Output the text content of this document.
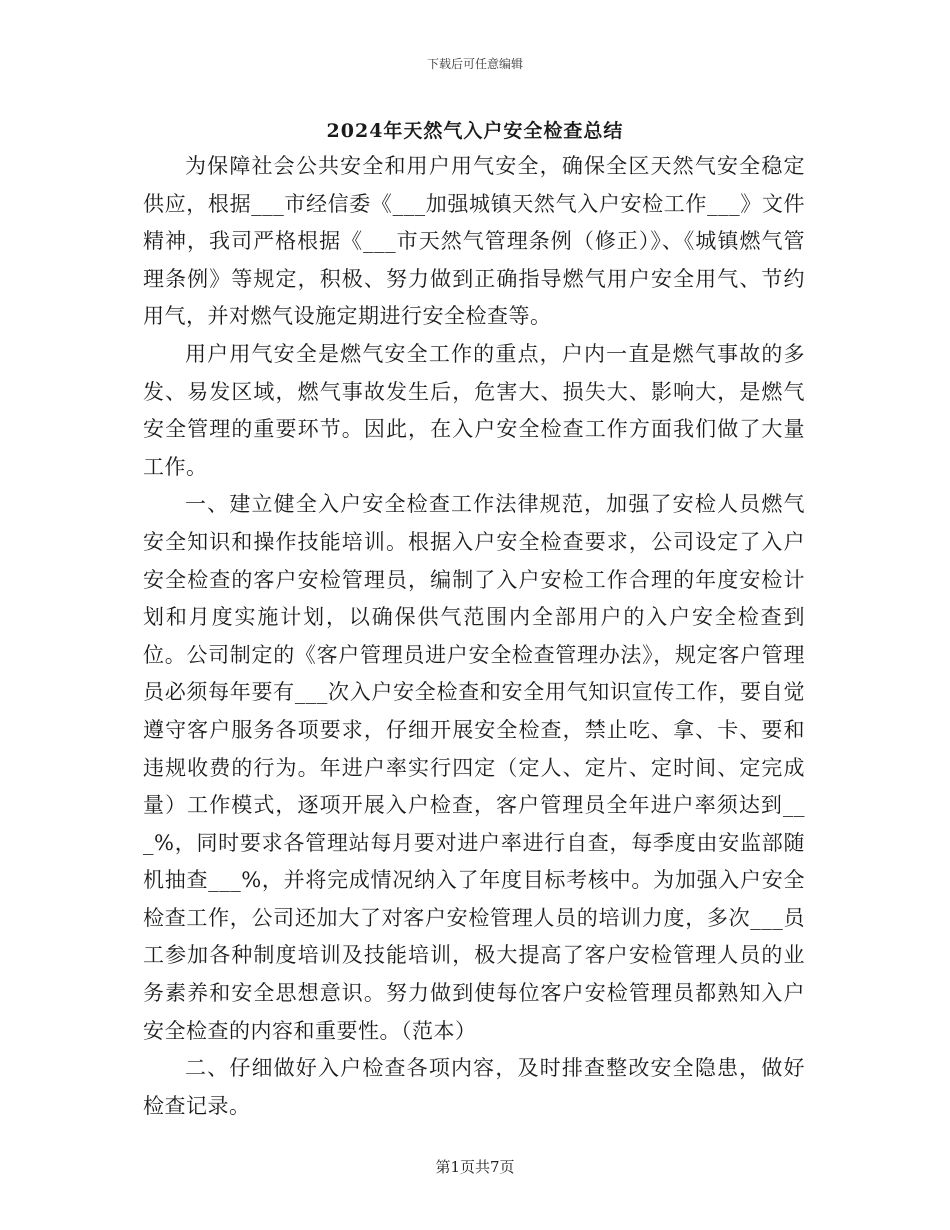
下载后可任意编辑
2024年天然气入户安全检查总结

为保障社会公共安全和用户用气安全，确保全区天然气安全稳定供应，根据___市经信委《___加强城镇天然气入户安检工作___》文件精神，我司严格根据《___市天然气管理条例（修正）》、《城镇燃气管理条例》等规定，积极、努力做到正确指导燃气用户安全用气、节约用气，并对燃气设施定期进行安全检查等。

用户用气安全是燃气安全工作的重点，户内一直是燃气事故的多发、易发区域，燃气事故发生后，危害大、损失大、影响大，是燃气安全管理的重要环节。因此，在入户安全检查工作方面我们做了大量工作。

一、建立健全入户安全检查工作法律规范，加强了安检人员燃气安全知识和操作技能培训。根据入户安全检查要求，公司设定了入户安全检查的客户安检管理员，编制了入户安检工作合理的年度安检计划和月度实施计划，以确保供气范围内全部用户的入户安全检查到位。公司制定的《客户管理员进户安全检查管理办法》，规定客户管理员必须每年要有___次入户安全检查和安全用气知识宣传工作，要自觉遵守客户服务各项要求，仔细开展安全检查，禁止吃、拿、卡、要和违规收费的行为。年进户率实行四定（定人、定片、定时间、定完成量）工作模式，逐项开展入户检查，客户管理员全年进户率须达到___%，同时要求各管理站每月要对进户率进行自查，每季度由安监部随机抽查___%，并将完成情况纳入了年度目标考核中。为加强入户安全检查工作，公司还加大了对客户安检管理人员的培训力度，多次___员工参加各种制度培训及技能培训，极大提高了客户安检管理人员的业务素养和安全思想意识。努力做到使每位客户安检管理员都熟知入户安全检查的内容和重要性。（范本）

二、仔细做好入户检查各项内容，及时排查整改安全隐患，做好检查记录。

第1页共7页
